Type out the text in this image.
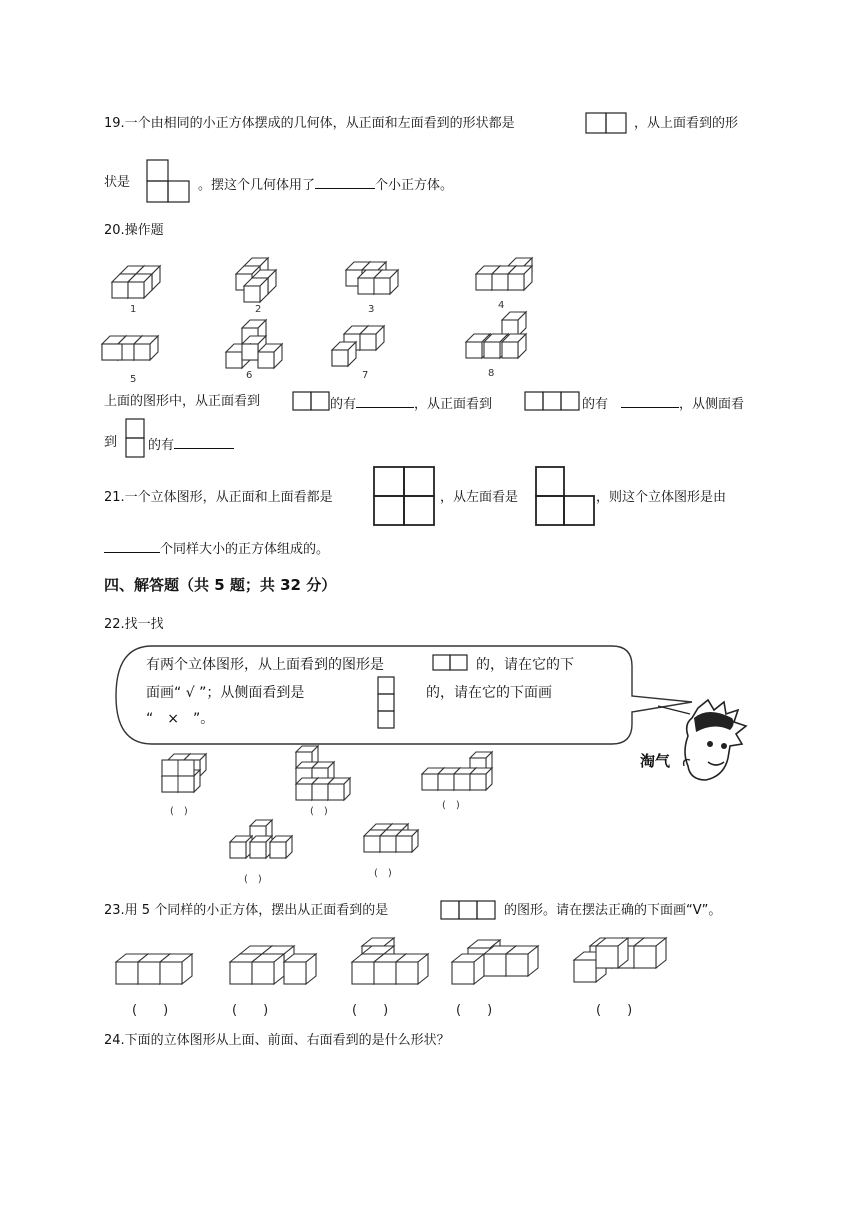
19.一个由相同的小正方体摆成的几何体，从正面和左面看到的形状都是	，从上面看到的形
状是	。摆这个几何体用了	个小正方体。
20.操作题
1	2	3	4
5	6	7	8
上面的图形中，从正面看到	的有	，从正面看到	的有　	，从侧面看
到 的有
21.一个立体图形，从正面和上面看都是	，从左面看是	，则这个立体图形是由
个同样大小的正方体组成的。
四、解答题（共 5 题；共 32 分）
22.找一找
有两个立体图形，从上面看到的图形是	的，请在它的下
面画“ √ ”；从侧面看到是	的，请在它的下面画
“　×　”。
淘气
(　)	(　)
(　)
(　)
(　)
23.用 5 个同样的小正方体，摆出从正面看到的是	的图形。请在摆法正确的下面画“V”。
(　　)	(　　)	(　　)	(　　)	(　　)
24.下面的立体图形从上面、前面、右面看到的是什么形状？
